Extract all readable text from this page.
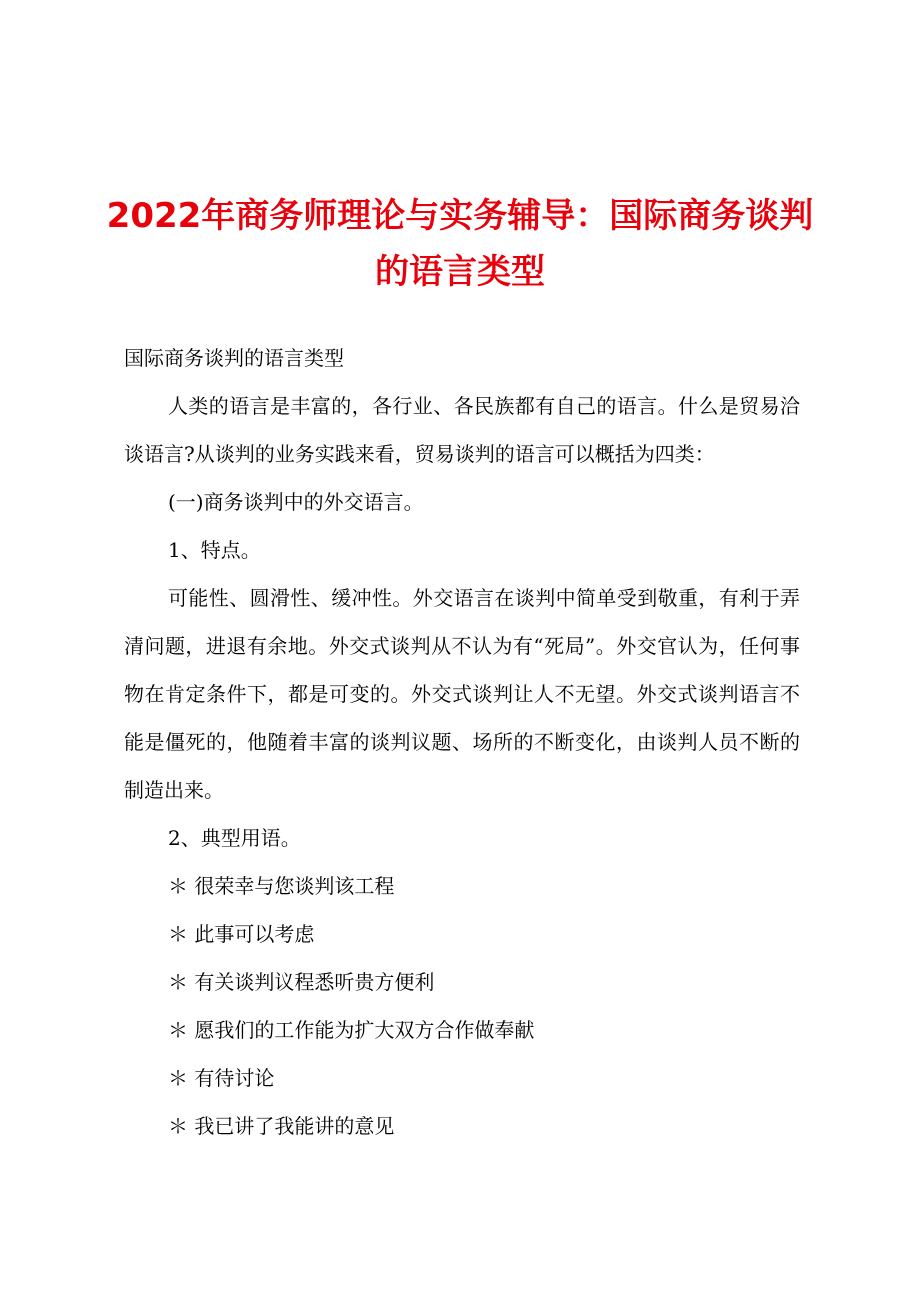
2022年商务师理论与实务辅导：国际商务谈判的语言类型

国际商务谈判的语言类型

人类的语言是丰富的，各行业、各民族都有自己的语言。什么是贸易洽谈语言?从谈判的业务实践来看，贸易谈判的语言可以概括为四类：

(一)商务谈判中的外交语言。

1、特点。

可能性、圆滑性、缓冲性。外交语言在谈判中简单受到敬重，有利于弄清问题，进退有余地。外交式谈判从不认为有“死局”。外交官认为，任何事物在肯定条件下，都是可变的。外交式谈判让人不无望。外交式谈判语言不能是僵死的，他随着丰富的谈判议题、场所的不断变化，由谈判人员不断的制造出来。

2、典型用语。

＊ 很荣幸与您谈判该工程

＊ 此事可以考虑

＊ 有关谈判议程悉听贵方便利

＊ 愿我们的工作能为扩大双方合作做奉献

＊ 有待讨论

＊ 我已讲了我能讲的意见
